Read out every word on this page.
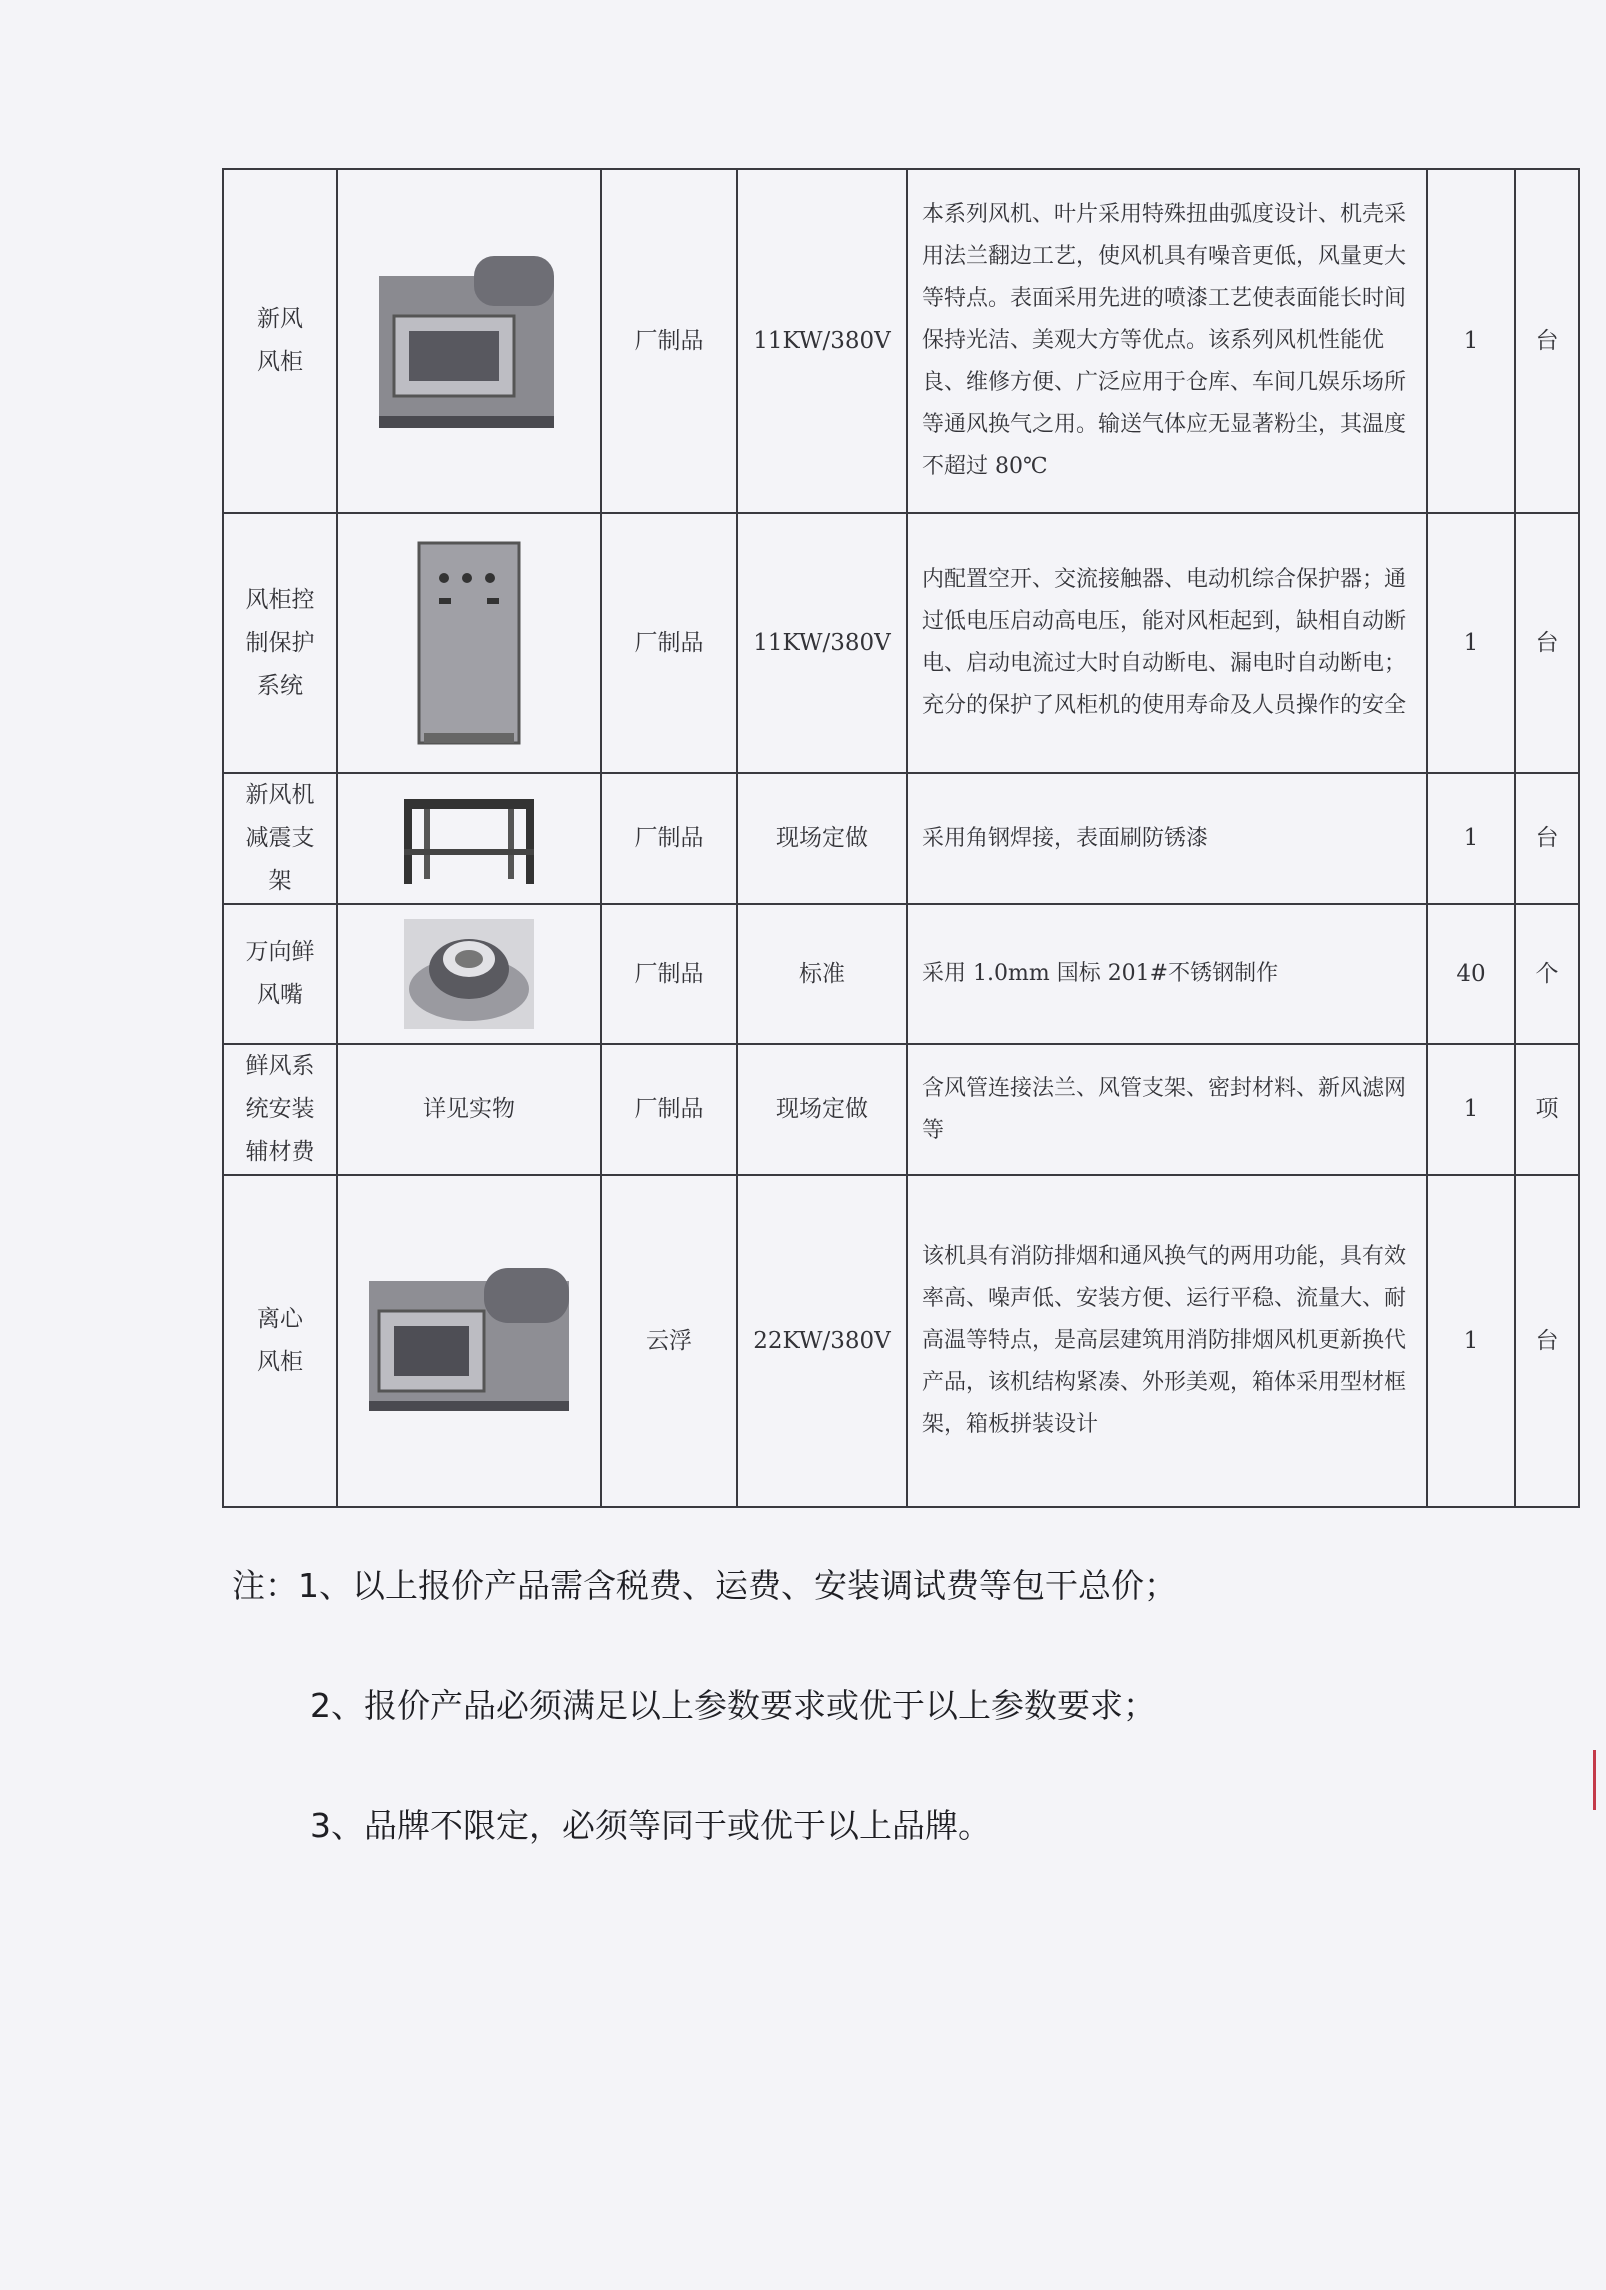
新风风柜		厂制品	11KW/380V	本系列风机、叶片采用特殊扭曲弧度设计、机壳采用法兰翻边工艺，使风机具有噪音更低，风量更大等特点。表面采用先进的喷漆工艺使表面能长时间保持光洁、美观大方等优点。该系列风机性能优良、维修方便、广泛应用于仓库、车间几娱乐场所等通风换气之用。输送气体应无显著粉尘，其温度不超过 80℃	1	台

风柜控制保护系统		厂制品	11KW/380V	内配置空开、交流接触器、电动机综合保护器；通过低电压启动高电压，能对风柜起到，缺相自动断电、启动电流过大时自动断电、漏电时自动断电；充分的保护了风柜机的使用寿命及人员操作的安全	1	台

新风机减震支架		厂制品	现场定做	采用角钢焊接，表面刷防锈漆	1	台

万向鲜风嘴		厂制品	标准	采用 1.0mm 国标 201#不锈钢制作	40	个

鲜风系统安装辅材费	详见实物	厂制品	现场定做	含风管连接法兰、风管支架、密封材料、新风滤网等	1	项

离心风柜		云浮	22KW/380V	该机具有消防排烟和通风换气的两用功能，具有效率高、噪声低、安装方便、运行平稳、流量大、耐高温等特点，是高层建筑用消防排烟风机更新换代产品，该机结构紧凑、外形美观，箱体采用型材框架，箱板拼装设计	1	台
注：1、以上报价产品需含税费、运费、安装调试费等包干总价；
2、报价产品必须满足以上参数要求或优于以上参数要求；
3、品牌不限定，必须等同于或优于以上品牌。
